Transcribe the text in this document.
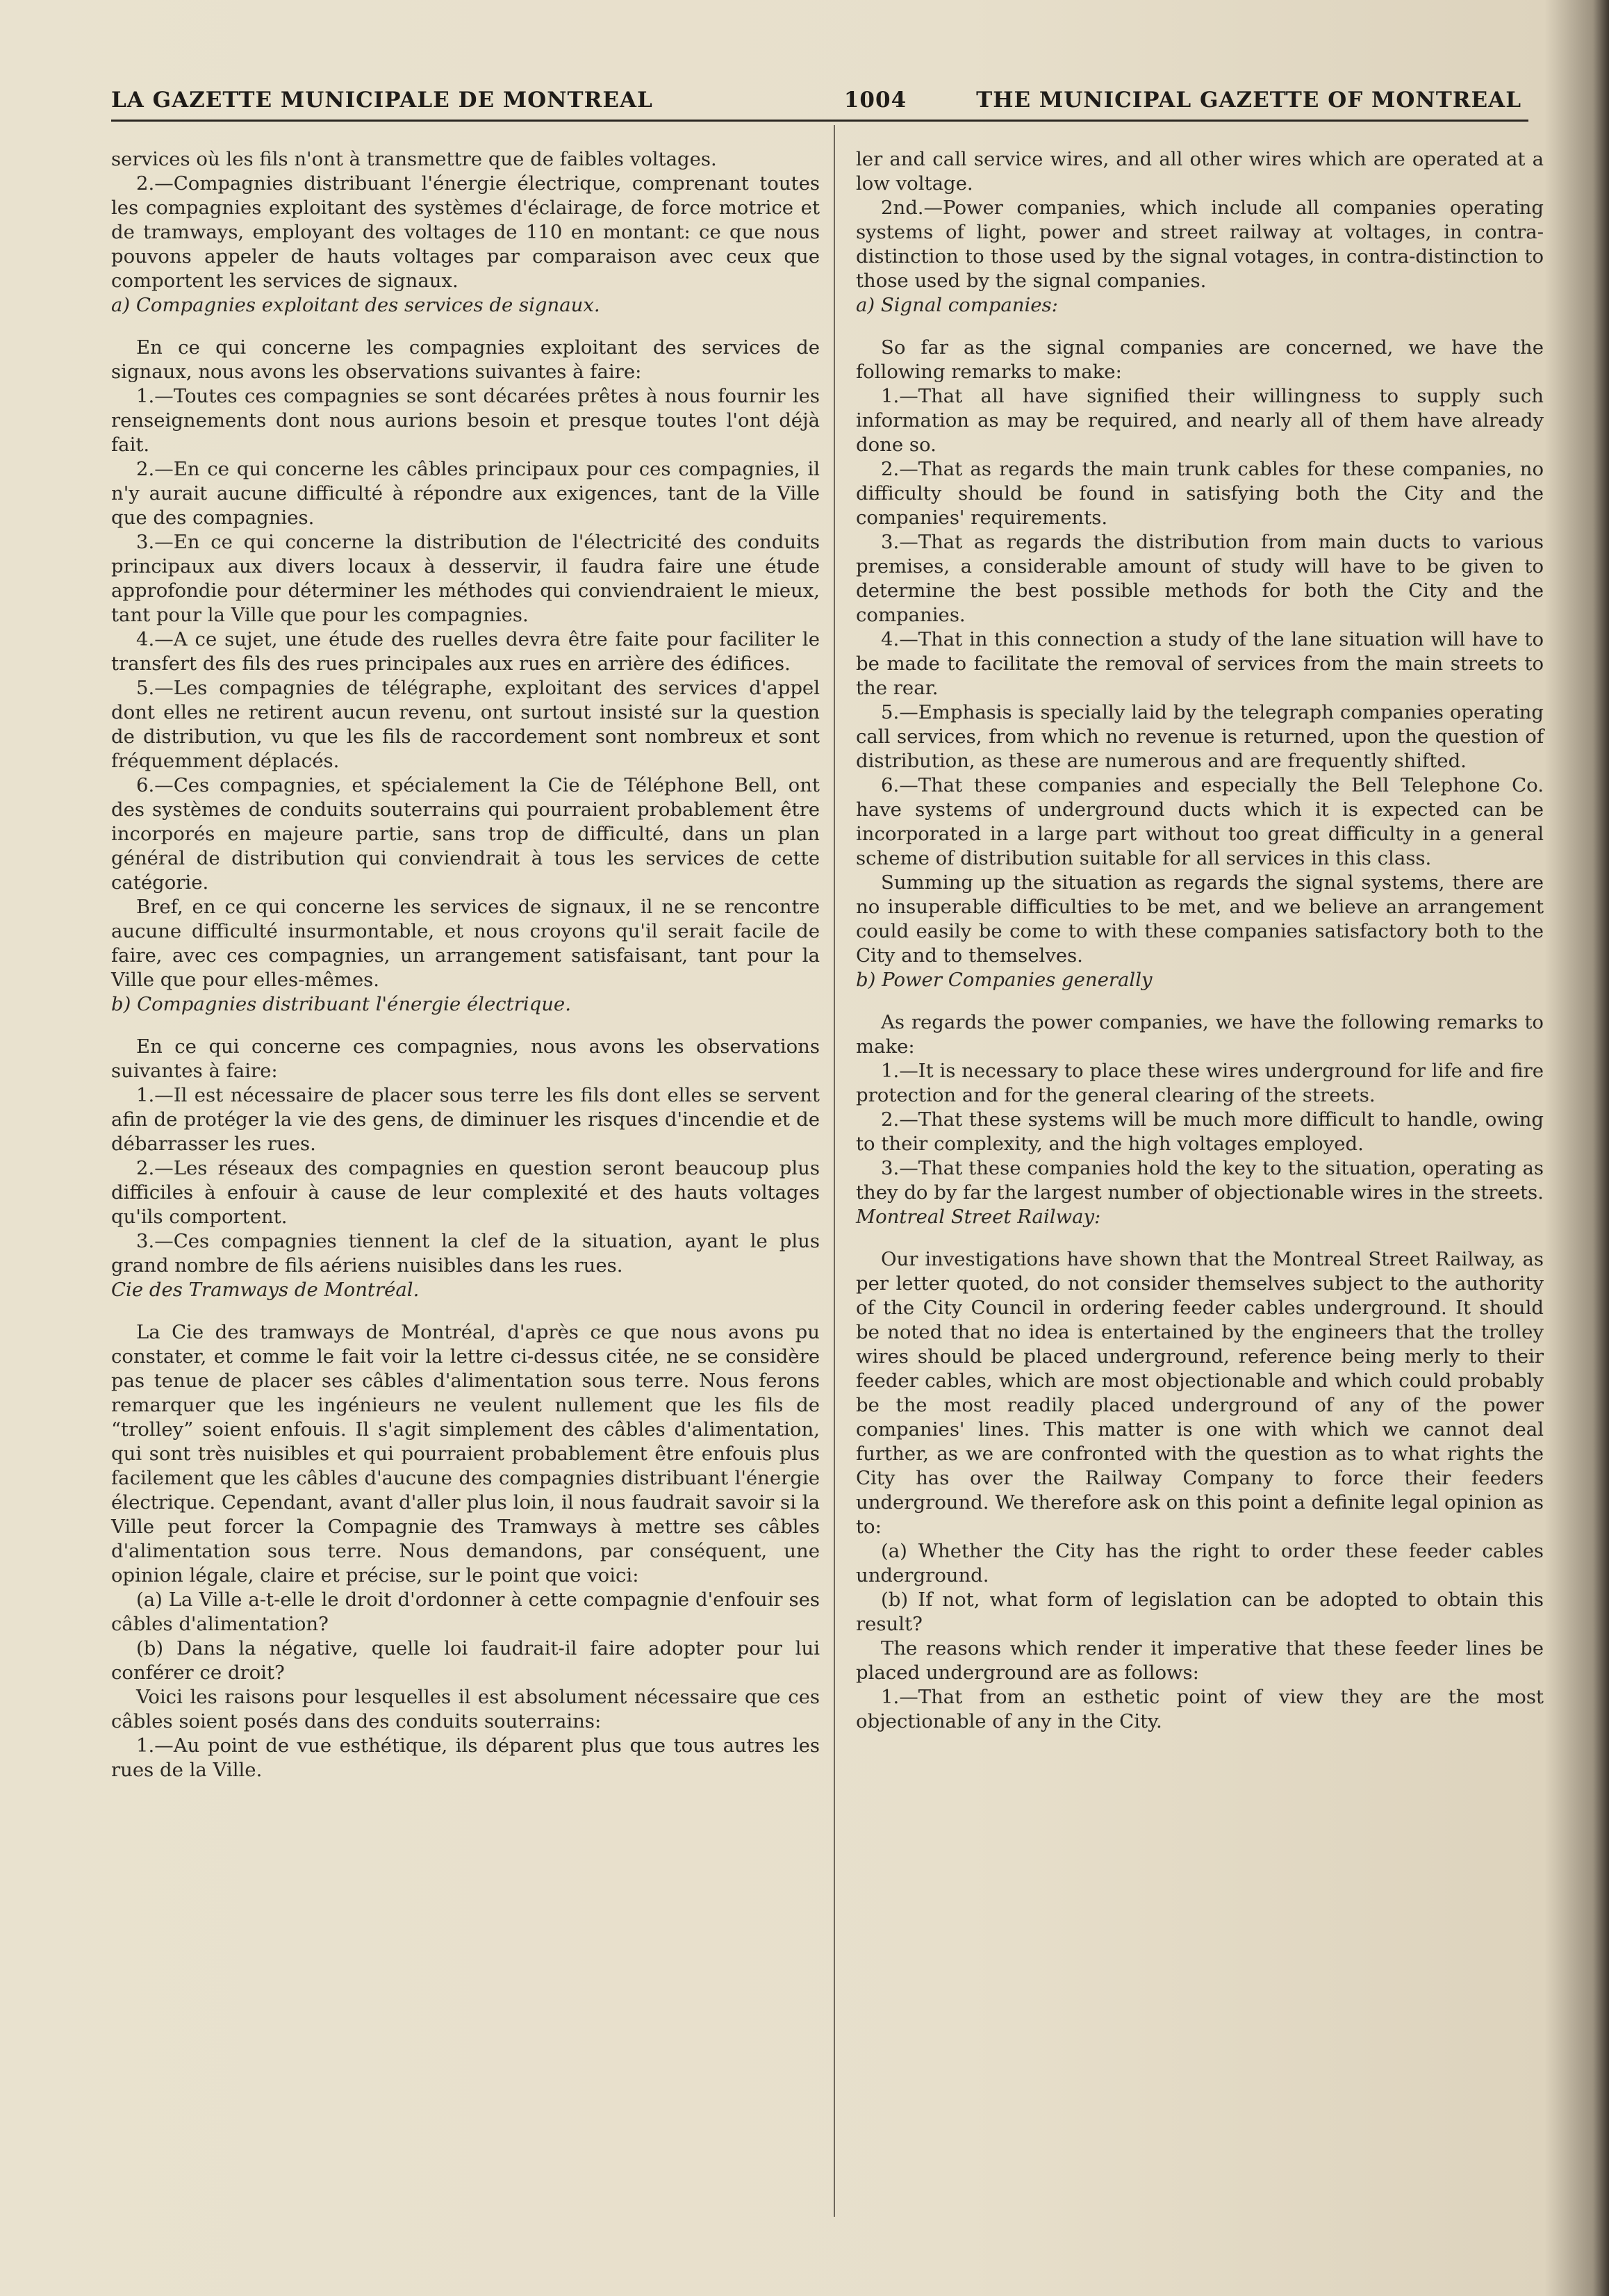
LA GAZETTE MUNICIPALE DE MONTREAL	1004	THE MUNICIPAL GAZETTE OF MONTREAL

services où les fils n'ont à transmettre que de faibles voltages.

2.—Compagnies distribuant l'énergie électrique, comprenant toutes les compagnies exploitant des systèmes d'éclairage, de force motrice et de tramways, employant des voltages de 110 en montant: ce que nous pouvons appeler de hauts voltages par comparaison avec ceux que comportent les services de signaux.

a) Compagnies exploitant des services de signaux.

En ce qui concerne les compagnies exploitant des services de signaux, nous avons les observations suivantes à faire:

1.—Toutes ces compagnies se sont décarées prêtes à nous fournir les renseignements dont nous aurions besoin et presque toutes l'ont déjà fait.

2.—En ce qui concerne les câbles principaux pour ces compagnies, il n'y aurait aucune difficulté à répondre aux exigences, tant de la Ville que des compagnies.

3.—En ce qui concerne la distribution de l'électricité des conduits principaux aux divers locaux à desservir, il faudra faire une étude approfondie pour déterminer les méthodes qui conviendraient le mieux, tant pour la Ville que pour les compagnies.

4.—A ce sujet, une étude des ruelles devra être faite pour faciliter le transfert des fils des rues principales aux rues en arrière des édifices.

5.—Les compagnies de télégraphe, exploitant des services d'appel dont elles ne retirent aucun revenu, ont surtout insisté sur la question de distribution, vu que les fils de raccordement sont nombreux et sont fréquemment déplacés.

6.—Ces compagnies, et spécialement la Cie de Téléphone Bell, ont des systèmes de conduits souterrains qui pourraient probablement être incorporés en majeure partie, sans trop de difficulté, dans un plan général de distribution qui conviendrait à tous les services de cette catégorie.

Bref, en ce qui concerne les services de signaux, il ne se rencontre aucune difficulté insurmontable, et nous croyons qu'il serait facile de faire, avec ces compagnies, un arrangement satisfaisant, tant pour la Ville que pour elles-mêmes.

b) Compagnies distribuant l'énergie électrique.

En ce qui concerne ces compagnies, nous avons les observations suivantes à faire:

1.—Il est nécessaire de placer sous terre les fils dont elles se servent afin de protéger la vie des gens, de diminuer les risques d'incendie et de débarrasser les rues.

2.—Les réseaux des compagnies en question seront beaucoup plus difficiles à enfouir à cause de leur complexité et des hauts voltages qu'ils comportent.

3.—Ces compagnies tiennent la clef de la situation, ayant le plus grand nombre de fils aériens nuisibles dans les rues.

Cie des Tramways de Montréal.

La Cie des tramways de Montréal, d'après ce que nous avons pu constater, et comme le fait voir la lettre ci-dessus citée, ne se considère pas tenue de placer ses câbles d'alimentation sous terre. Nous ferons remarquer que les ingénieurs ne veulent nullement que les fils de “trolley” soient enfouis. Il s'agit simplement des câbles d'alimentation, qui sont très nuisibles et qui pourraient probablement être enfouis plus facilement que les câbles d'aucune des compagnies distribuant l'énergie électrique. Cependant, avant d'aller plus loin, il nous faudrait savoir si la Ville peut forcer la Compagnie des Tramways à mettre ses câbles d'alimentation sous terre. Nous demandons, par conséquent, une opinion légale, claire et précise, sur le point que voici:

(a) La Ville a-t-elle le droit d'ordonner à cette compagnie d'enfouir ses câbles d'alimentation?

(b) Dans la négative, quelle loi faudrait-il faire adopter pour lui conférer ce droit?

Voici les raisons pour lesquelles il est absolument nécessaire que ces câbles soient posés dans des conduits souterrains:

1.—Au point de vue esthétique, ils déparent plus que tous autres les rues de la Ville.

ler and call service wires, and all other wires which are operated at a low voltage.

2nd.—Power companies, which include all companies operating systems of light, power and street railway at voltages, in contra-distinction to those used by the signal votages, in contra-distinction to those used by the signal companies.

a) Signal companies:

So far as the signal companies are concerned, we have the following remarks to make:

1.—That all have signified their willingness to supply such information as may be required, and nearly all of them have already done so.

2.—That as regards the main trunk cables for these companies, no difficulty should be found in satisfying both the City and the companies' requirements.

3.—That as regards the distribution from main ducts to various premises, a considerable amount of study will have to be given to determine the best possible methods for both the City and the companies.

4.—That in this connection a study of the lane situation will have to be made to facilitate the removal of services from the main streets to the rear.

5.—Emphasis is specially laid by the telegraph companies operating call services, from which no revenue is returned, upon the question of distribution, as these are numerous and are frequently shifted.

6.—That these companies and especially the Bell Telephone Co. have systems of underground ducts which it is expected can be incorporated in a large part without too great difficulty in a general scheme of distribution suitable for all services in this class.

Summing up the situation as regards the signal systems, there are no insuperable difficulties to be met, and we believe an arrangement could easily be come to with these companies satisfactory both to the City and to themselves.

b) Power Companies generally

As regards the power companies, we have the following remarks to make:

1.—It is necessary to place these wires underground for life and fire protection and for the general clearing of the streets.

2.—That these systems will be much more difficult to handle, owing to their complexity, and the high voltages employed.

3.—That these companies hold the key to the situation, operating as they do by far the largest number of objectionable wires in the streets.

Montreal Street Railway:

Our investigations have shown that the Montreal Street Railway, as per letter quoted, do not consider themselves subject to the authority of the City Council in ordering feeder cables underground. It should be noted that no idea is entertained by the engineers that the trolley wires should be placed underground, reference being merly to their feeder cables, which are most objectionable and which could probably be the most readily placed underground of any of the power companies' lines. This matter is one with which we cannot deal further, as we are confronted with the question as to what rights the City has over the Railway Company to force their feeders underground. We therefore ask on this point a definite legal opinion as to:

(a) Whether the City has the right to order these feeder cables underground.

(b) If not, what form of legislation can be adopted to obtain this result?

The reasons which render it imperative that these feeder lines be placed underground are as follows:

1.—That from an esthetic point of view they are the most objectionable of any in the City.
